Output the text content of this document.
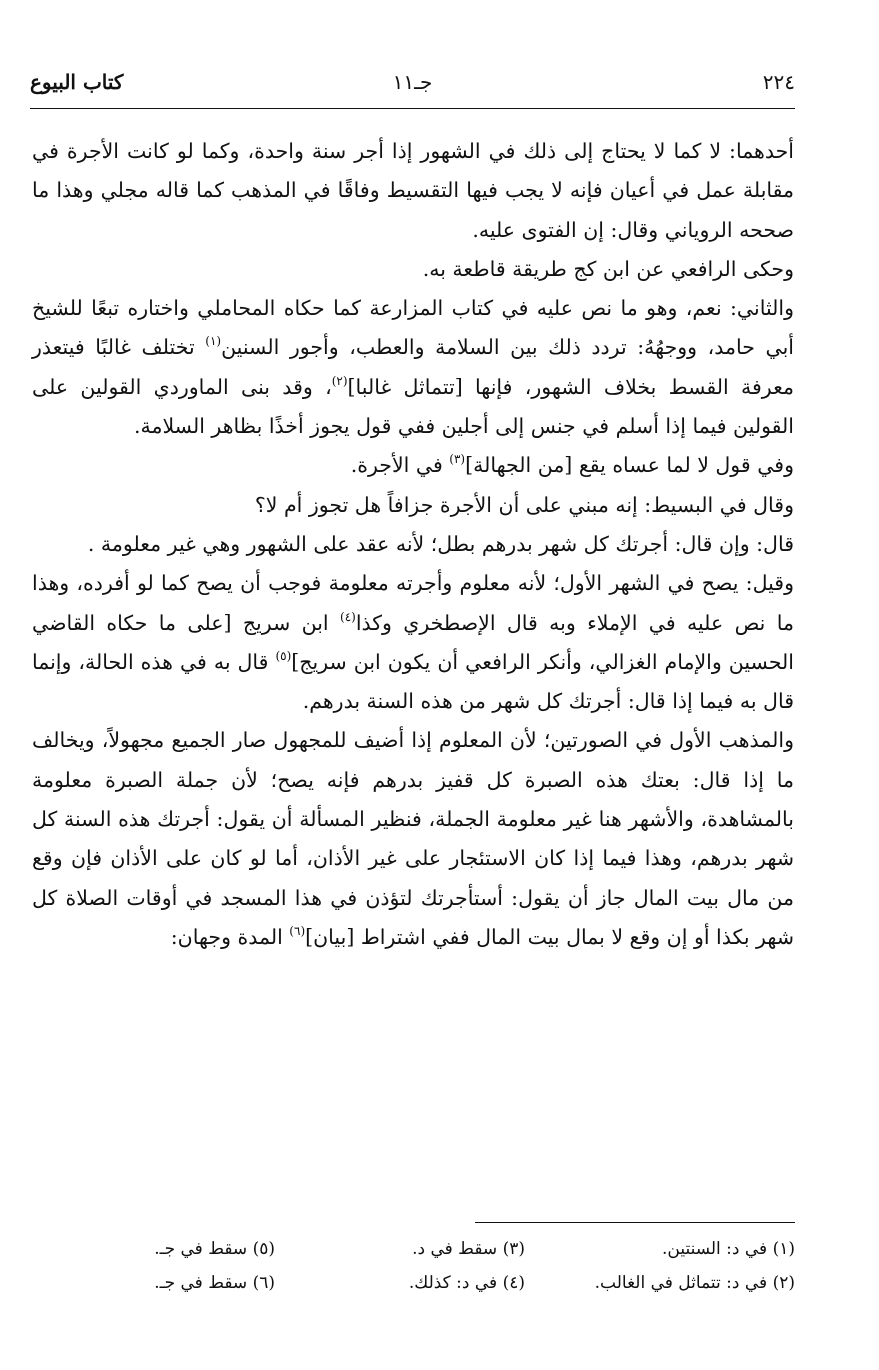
٢٢٤
جـ١١
كتاب البيوع

أحدهما: لا كما لا يحتاج إلى ذلك في الشهور إذا أجر سنة واحدة، وكما لو كانت الأجرة في مقابلة عمل في أعيان فإنه لا يجب فيها التقسيط وفاقًا في المذهب كما قاله مجلي وهذا ما صححه الروياني وقال: إن الفتوى عليه.

وحكى الرافعي عن ابن كج طريقة قاطعة به.

والثاني: نعم، وهو ما نص عليه في كتاب المزارعة كما حكاه المحاملي واختاره تبعًا للشيخ أبي حامد، ووجهُهُ: تردد ذلك بين السلامة والعطب، وأجور السنين$^{(١)}$ تختلف غالبًا فيتعذر معرفة القسط بخلاف الشهور، فإنها [تتماثل غالبا]$^{(٢)}$، وقد بنى الماوردي القولين على القولين فيما إذا أسلم في جنس إلى أجلين ففي قول يجوز أخذًا بظاهر السلامة.

وفي قول لا لما عساه يقع [من الجهالة]$^{(٣)}$ في الأجرة.

وقال في البسيط: إنه مبني على أن الأجرة جزافاً هل تجوز أم لا؟

قال: وإن قال: أجرتك كل شهر بدرهم بطل؛ لأنه عقد على الشهور وهي غير معلومة .

وقيل: يصح في الشهر الأول؛ لأنه معلوم وأجرته معلومة فوجب أن يصح كما لو أفرده، وهذا ما نص عليه في الإملاء وبه قال الإصطخري وكذا$^{(٤)}$ ابن سريج [على ما حكاه القاضي الحسين والإمام الغزالي، وأنكر الرافعي أن يكون ابن سريج]$^{(٥)}$ قال به في هذه الحالة، وإنما قال به فيما إذا قال: أجرتك كل شهر من هذه السنة بدرهم.

والمذهب الأول في الصورتين؛ لأن المعلوم إذا أضيف للمجهول صار الجميع مجهولاً، ويخالف ما إذا قال: بعتك هذه الصبرة كل قفيز بدرهم فإنه يصح؛ لأن جملة الصبرة معلومة بالمشاهدة، والأشهر هنا غير معلومة الجملة، فنظير المسألة أن يقول: أجرتك هذه السنة كل شهر بدرهم، وهذا فيما إذا كان الاستئجار على غير الأذان، أما لو كان على الأذان فإن وقع من مال بيت المال جاز أن يقول: أستأجرتك لتؤذن في هذا المسجد في أوقات الصلاة كل شهر بكذا أو إن وقع لا بمال بيت المال ففي اشتراط [بيان]$^{(٦)}$ المدة وجهان:

(١) في د: السنتين.
(٢) في د: تتماثل في الغالب.
(٣) سقط في د.
(٤) في د: كذلك.
(٥) سقط في جـ.
(٦) سقط في جـ.
